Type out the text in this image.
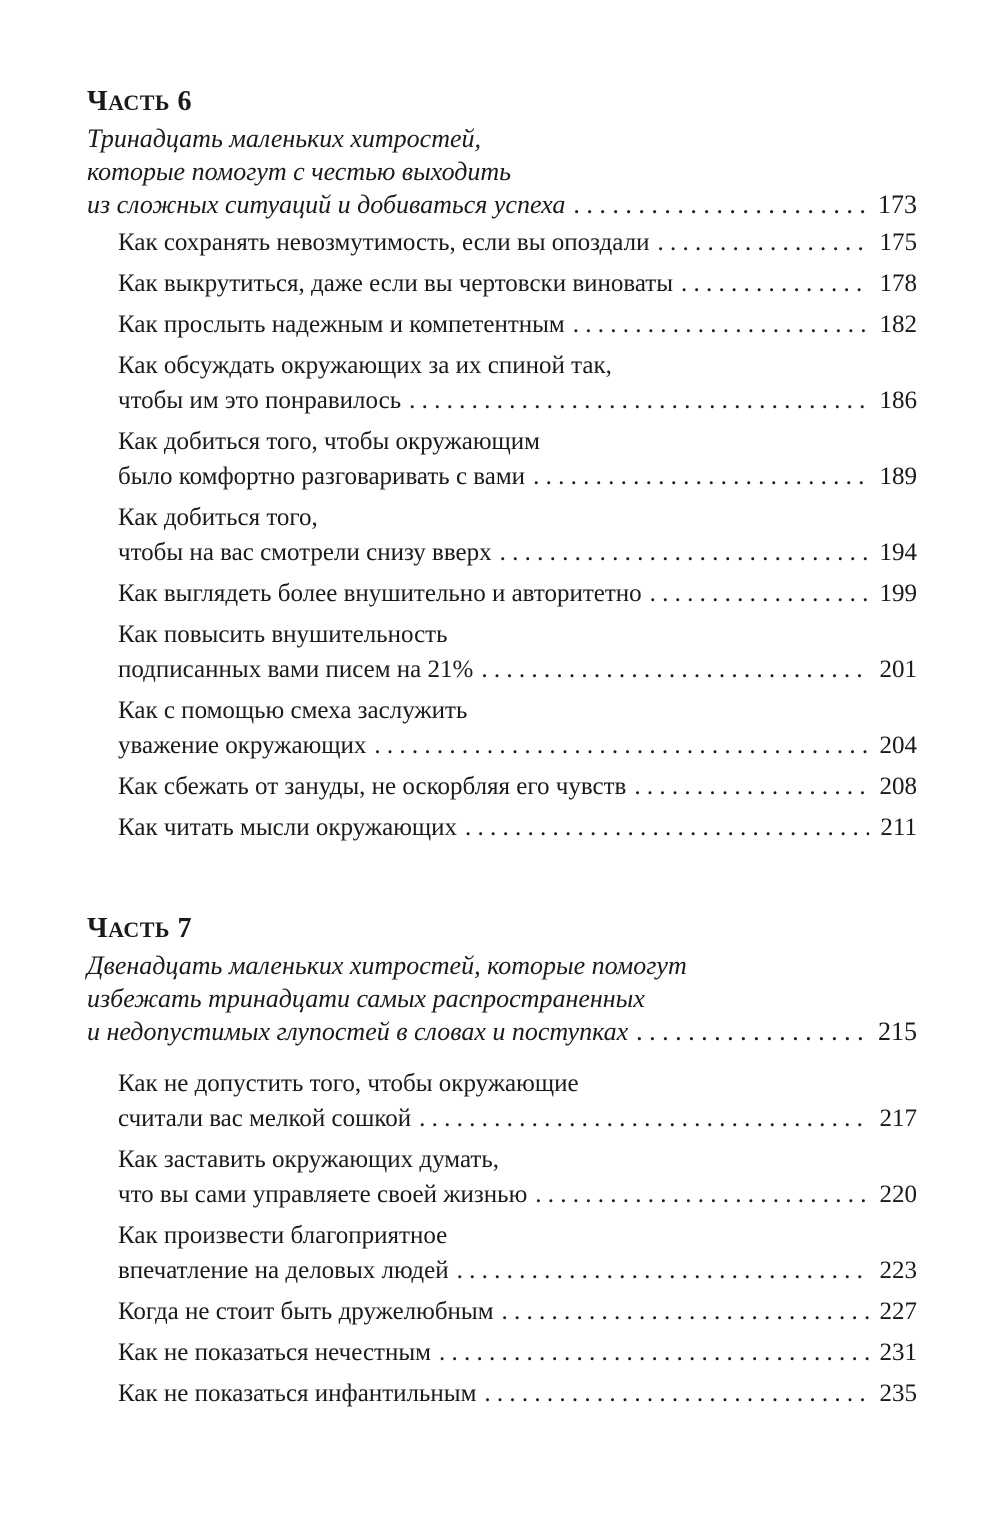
ЧАСТЬ 6
Тринадцать маленьких хитростей,
которые помогут с честью выходить
из сложных ситуаций и добиваться успеха . . .	173
Как сохранять невозмутимость, если вы опоздали . . .	175
Как выкрутиться, даже если вы чертовски виноваты . . .	178
Как прослыть надежным и компетентным . . .	182
Как обсуждать окружающих за их спиной так,
чтобы им это понравилось . . .	186
Как добиться того, чтобы окружающим
было комфортно разговаривать с вами . . .	189
Как добиться того,
чтобы на вас смотрели снизу вверх . . .	194
Как выглядеть более внушительно и авторитетно . . .	199
Как повысить внушительность
подписанных вами писем на 21% . . .	201
Как с помощью смеха заслужить
уважение окружающих . . .	204
Как сбежать от зануды, не оскорбляя его чувств . . .	208
Как читать мысли окружающих . . .	211
ЧАСТЬ 7
Двенадцать маленьких хитростей, которые помогут
избежать тринадцати самых распространенных
и недопустимых глупостей в словах и поступках . . .	215
Как не допустить того, чтобы окружающие
считали вас мелкой сошкой . . .	217
Как заставить окружающих думать,
что вы сами управляете своей жизнью . . .	220
Как произвести благоприятное
впечатление на деловых людей . . .	223
Когда не стоит быть дружелюбным . . .	227
Как не показаться нечестным . . .	231
Как не показаться инфантильным . . .	235
